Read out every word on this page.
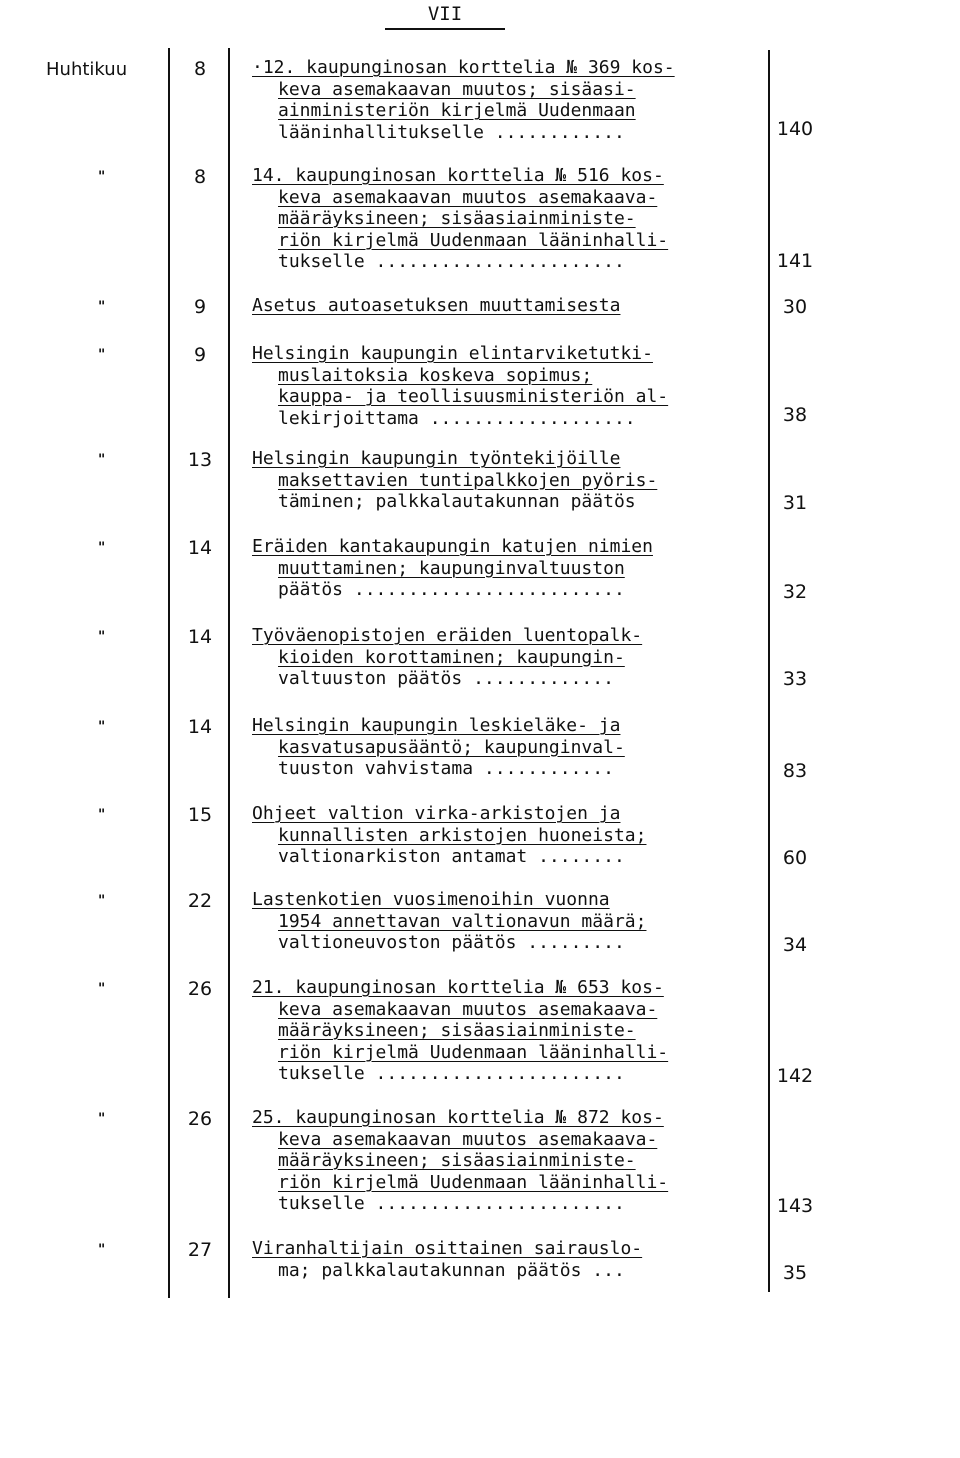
VII
Huhtikuu	8	·12. kaupunginosan korttelia № 369 kos-
keva asemakaavan muutos; sisäasi-
ainministeriön kirjelmä Uudenmaan
lääninhallitukselle ............	140
"	8	14. kaupunginosan korttelia № 516 kos-
keva asemakaavan muutos asemakaava-
määräyksineen; sisäasiainministe-
riön kirjelmä Uudenmaan lääninhalli-
tukselle .......................	141
"	9	Asetus autoasetuksen muuttamisesta	30
"	9	Helsingin kaupungin elintarviketutki-
muslaitoksia koskeva sopimus;
kauppa- ja teollisuusministeriön al-
lekirjoittama ...................	38
"	13	Helsingin kaupungin työntekijöille
maksettavien tuntipalkkojen pyöris-
täminen; palkkalautakunnan päätös	31
"	14	Eräiden kantakaupungin katujen nimien
muuttaminen; kaupunginvaltuuston
päätös .........................	32
"	14	Työväenopistojen eräiden luentopalk-
kioiden korottaminen; kaupungin-
valtuuston päätös .............	33
"	14	Helsingin kaupungin leskieläke- ja
kasvatusapusääntö; kaupunginval-
tuuston vahvistama ............	83
"	15	Ohjeet valtion virka-arkistojen ja
kunnallisten arkistojen huoneista;
valtionarkiston antamat ........	60
"	22	Lastenkotien vuosimenoihin vuonna
1954 annettavan valtionavun määrä;
valtioneuvoston päätös .........	34
"	26	21. kaupunginosan korttelia № 653 kos-
keva asemakaavan muutos asemakaava-
määräyksineen; sisäasiainministe-
riön kirjelmä Uudenmaan lääninhalli-
tukselle .......................	142
"	26	25. kaupunginosan korttelia № 872 kos-
keva asemakaavan muutos asemakaava-
määräyksineen; sisäasiainministe-
riön kirjelmä Uudenmaan lääninhalli-
tukselle .......................	143
"	27	Viranhaltijain osittainen sairauslo-
ma; palkkalautakunnan päätös ...	35
